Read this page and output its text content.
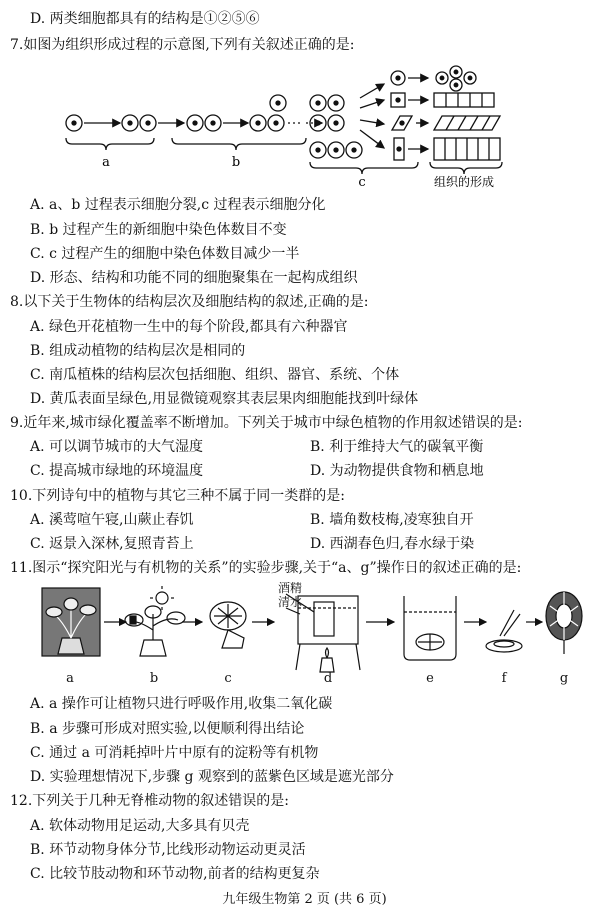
D. 两类细胞都具有的结构是①②⑤⑥
7.如图为组织形成过程的示意图,下列有关叙述正确的是:
a	b
c	组织的形成
A. a、b 过程表示细胞分裂,c 过程表示细胞分化
B. b 过程产生的新细胞中染色体数目不变
C. c 过程产生的细胞中染色体数目减少一半
D. 形态、结构和功能不同的细胞聚集在一起构成组织
8.以下关于生物体的结构层次及细胞结构的叙述,正确的是:
A. 绿色开花植物一生中的每个阶段,都具有六种器官
B. 组成动植物的结构层次是相同的
C. 南瓜植株的结构层次包括细胞、组织、器官、系统、个体
D. 黄瓜表面呈绿色,用显微镜观察其表层果肉细胞能找到叶绿体
9.近年来,城市绿化覆盖率不断增加。下列关于城市中绿色植物的作用叙述错误的是:
A. 可以调节城市的大气湿度	B. 利于维持大气的碳氧平衡
C. 提高城市绿地的环境温度	D. 为动物提供食物和栖息地
10.下列诗句中的植物与其它三种不属于同一类群的是:
A. 溪莺喧午寝,山蕨止春饥	B. 墙角数枝梅,凌寒独自开
C. 返景入深林,复照青苔上	D. 西湖春色归,春水绿于染
11.图示“探究阳光与有机物的关系”的实验步骤,关于“a、g”操作日的叙述正确的是:
酒精
清水
a	b	c	d	e	f	g
A. a 操作可让植物只进行呼吸作用,收集二氧化碳
B. a 步骤可形成对照实验,以便顺利得出结论
C. 通过 a 可消耗掉叶片中原有的淀粉等有机物
D. 实验理想情况下,步骤 g 观察到的蓝紫色区域是遮光部分
12.下列关于几种无脊椎动物的叙述错误的是:
A. 软体动物用足运动,大多具有贝壳
B. 环节动物身体分节,比线形动物运动更灵活
C. 比较节肢动物和环节动物,前者的结构更复杂
九年级生物第 2 页 (共 6 页)
